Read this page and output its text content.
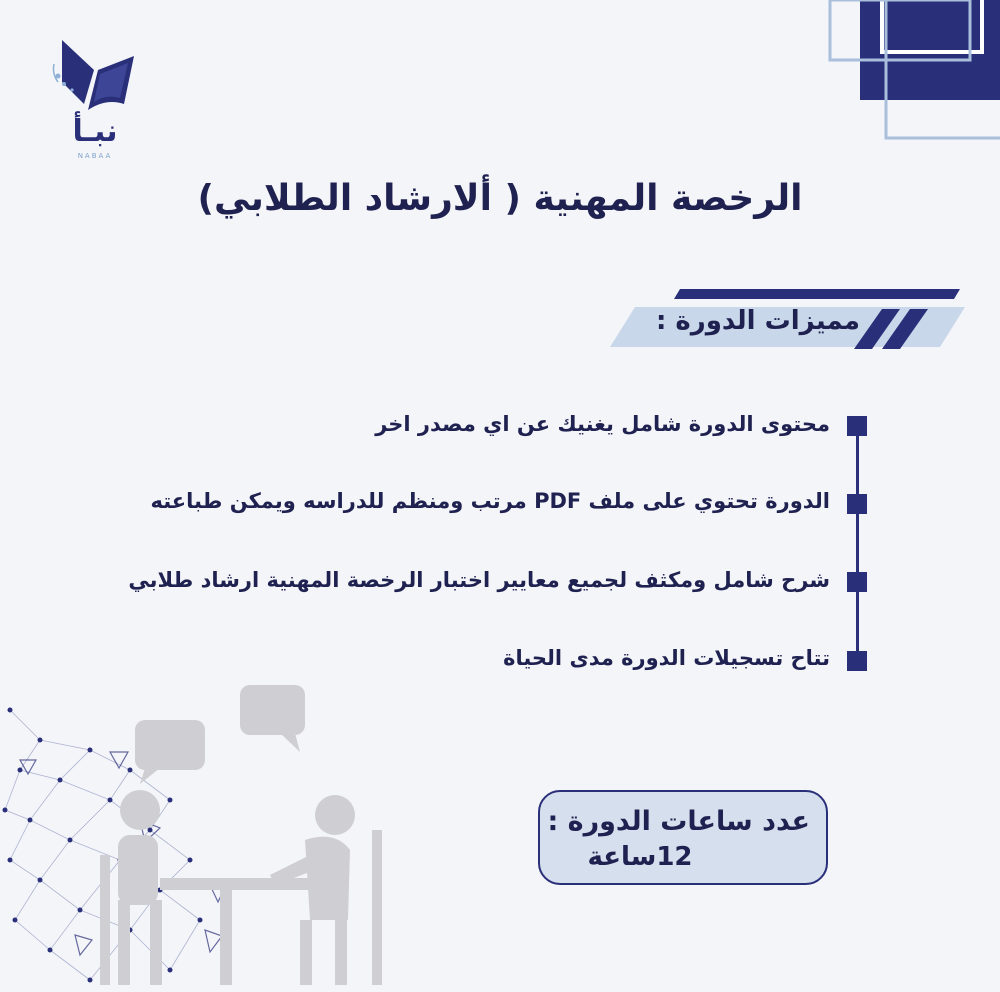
نبـأ
NABAA
الرخصة المهنية ( ألارشاد الطلابي)
مميزات الدورة :
محتوى الدورة شامل يغنيك عن اي مصدر اخر
الدورة تحتوي على ملف PDF مرتب ومنظم للدراسه ويمكن طباعته
شرح شامل ومكثف لجميع معايير اختبار الرخصة المهنية ارشاد طلابي
تتاح تسجيلات الدورة مدى الحياة
عدد ساعات الدورة :
12ساعة
